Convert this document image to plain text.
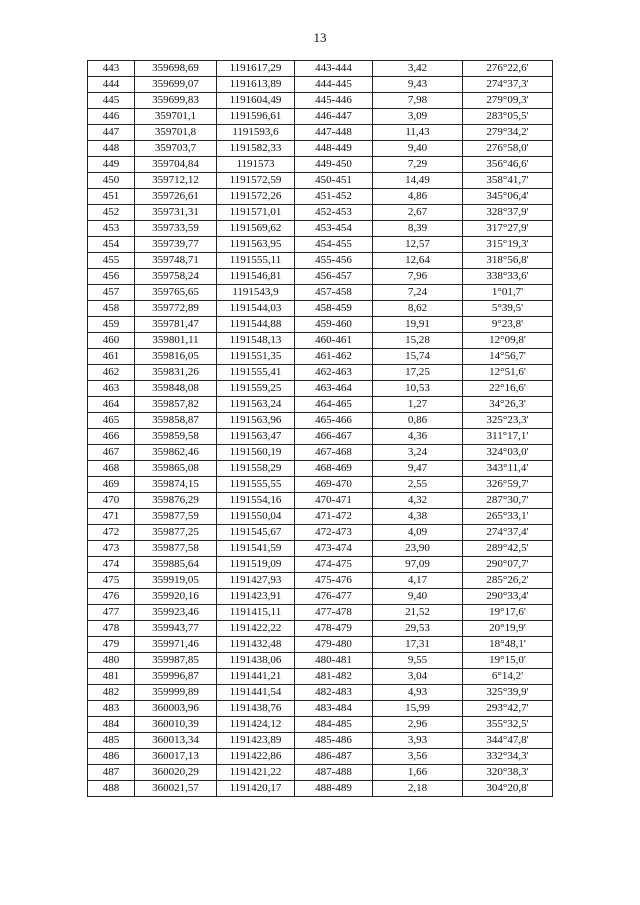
13
443	359698,69	1191617,29	443-444	3,42	276°22,6'
444	359699,07	1191613,89	444-445	9,43	274°37,3'
445	359699,83	1191604,49	445-446	7,98	279°09,3'
446	359701,1	1191596,61	446-447	3,09	283°05,5'
447	359701,8	1191593,6	447-448	11,43	279°34,2'
448	359703,7	1191582,33	448-449	9,40	276°58,0'
449	359704,84	1191573	449-450	7,29	356°46,6'
450	359712,12	1191572,59	450-451	14,49	358°41,7'
451	359726,61	1191572,26	451-452	4,86	345°06,4'
452	359731,31	1191571,01	452-453	2,67	328°37,9'
453	359733,59	1191569,62	453-454	8,39	317°27,9'
454	359739,77	1191563,95	454-455	12,57	315°19,3'
455	359748,71	1191555,11	455-456	12,64	318°56,8'
456	359758,24	1191546,81	456-457	7,96	338°33,6'
457	359765,65	1191543,9	457-458	7,24	1°01,7'
458	359772,89	1191544,03	458-459	8,62	5°39,5'
459	359781,47	1191544,88	459-460	19,91	9°23,8'
460	359801,11	1191548,13	460-461	15,28	12°09,8'
461	359816,05	1191551,35	461-462	15,74	14°56,7'
462	359831,26	1191555,41	462-463	17,25	12°51,6'
463	359848,08	1191559,25	463-464	10,53	22°16,6'
464	359857,82	1191563,24	464-465	1,27	34°26,3'
465	359858,87	1191563,96	465-466	0,86	325°23,3'
466	359859,58	1191563,47	466-467	4,36	311°17,1'
467	359862,46	1191560,19	467-468	3,24	324°03,0'
468	359865,08	1191558,29	468-469	9,47	343°11,4'
469	359874,15	1191555,55	469-470	2,55	326°59,7'
470	359876,29	1191554,16	470-471	4,32	287°30,7'
471	359877,59	1191550,04	471-472	4,38	265°33,1'
472	359877,25	1191545,67	472-473	4,09	274°37,4'
473	359877,58	1191541,59	473-474	23,90	289°42,5'
474	359885,64	1191519,09	474-475	97,09	290°07,7'
475	359919,05	1191427,93	475-476	4,17	285°26,2'
476	359920,16	1191423,91	476-477	9,40	290°33,4'
477	359923,46	1191415,11	477-478	21,52	19°17,6'
478	359943,77	1191422,22	478-479	29,53	20°19,9'
479	359971,46	1191432,48	479-480	17,31	18°48,1'
480	359987,85	1191438,06	480-481	9,55	19°15,0'
481	359996,87	1191441,21	481-482	3,04	6°14,2'
482	359999,89	1191441,54	482-483	4,93	325°39,9'
483	360003,96	1191438,76	483-484	15,99	293°42,7'
484	360010,39	1191424,12	484-485	2,96	355°32,5'
485	360013,34	1191423,89	485-486	3,93	344°47,8'
486	360017,13	1191422,86	486-487	3,56	332°34,3'
487	360020,29	1191421,22	487-488	1,66	320°38,3'
488	360021,57	1191420,17	488-489	2,18	304°20,8'
